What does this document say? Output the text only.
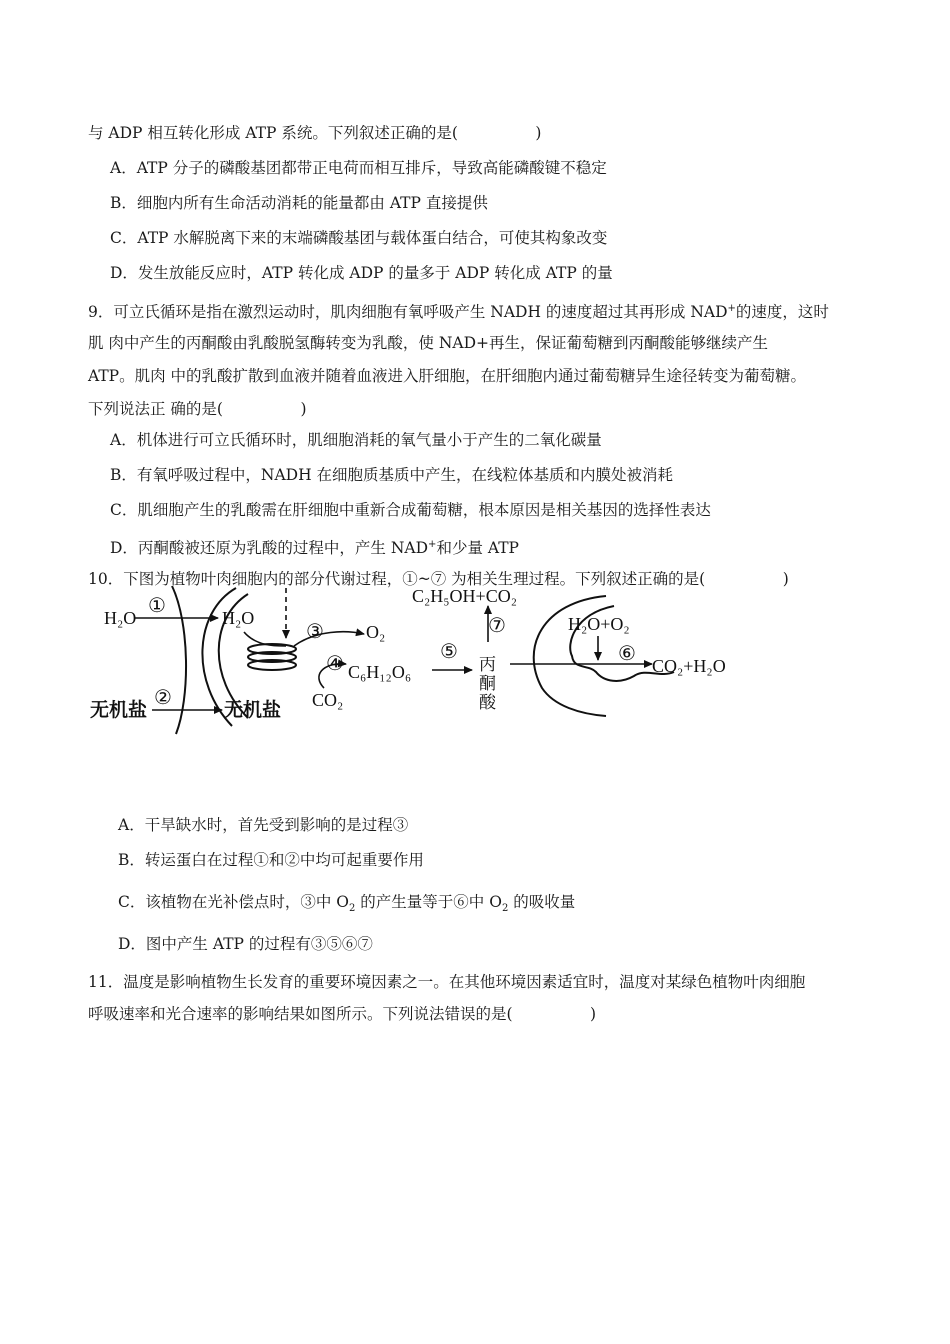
与 ADP 相互转化形成 ATP 系统。下列叙述正确的是(　　　　　)
A．ATP 分子的磷酸基团都带正电荷而相互排斥，导致高能磷酸键不稳定
B．细胞内所有生命活动消耗的能量都由 ATP 直接提供
C．ATP 水解脱离下来的末端磷酸基团与载体蛋白结合，可使其构象改变
D．发生放能反应时，ATP 转化成 ADP 的量多于 ADP 转化成 ATP 的量
9．可立氏循环是指在激烈运动时，肌肉细胞有氧呼吸产生 NADH 的速度超过其再形成 NAD+的速度，这时
肌 肉中产生的丙酮酸由乳酸脱氢酶转变为乳酸，使 NAD+再生，保证葡萄糖到丙酮酸能够继续产生
ATP。肌肉 中的乳酸扩散到血液并随着血液进入肝细胞，在肝细胞内通过葡萄糖异生途径转变为葡萄糖。
下列说法正 确的是(　　　　　)
A．机体进行可立氏循环时，肌细胞消耗的氧气量小于产生的二氧化碳量
B．有氧呼吸过程中，NADH 在细胞质基质中产生，在线粒体基质和内膜处被消耗
C．肌细胞产生的乳酸需在肝细胞中重新合成葡萄糖，根本原因是相关基因的选择性表达
D．丙酮酸被还原为乳酸的过程中，产生 NAD+和少量 ATP
10．下图为植物叶肉细胞内的部分代谢过程，①~⑦ 为相关生理过程。下列叙述正确的是(　　　　　)
H₂O	H₂O
O₂
CO₂
C₆H₁₂O₆
C₂H₅OH+CO₂
H₂O+O₂
CO₂+H₂O
丙
酮
酸
①
②
③
④
⑤	⑥
⑦
无机盐	无机盐
A．干旱缺水时，首先受到影响的是过程③
B．转运蛋白在过程①和②中均可起重要作用
C．该植物在光补偿点时，③中 $O_2$ 的产生量等于⑥中 $O_2$ 的吸收量
D．图中产生 ATP 的过程有③⑤⑥⑦
11．温度是影响植物生长发育的重要环境因素之一。在其他环境因素适宜时，温度对某绿色植物叶肉细胞
呼吸速率和光合速率的影响结果如图所示。下列说法错误的是(　　　　　)
